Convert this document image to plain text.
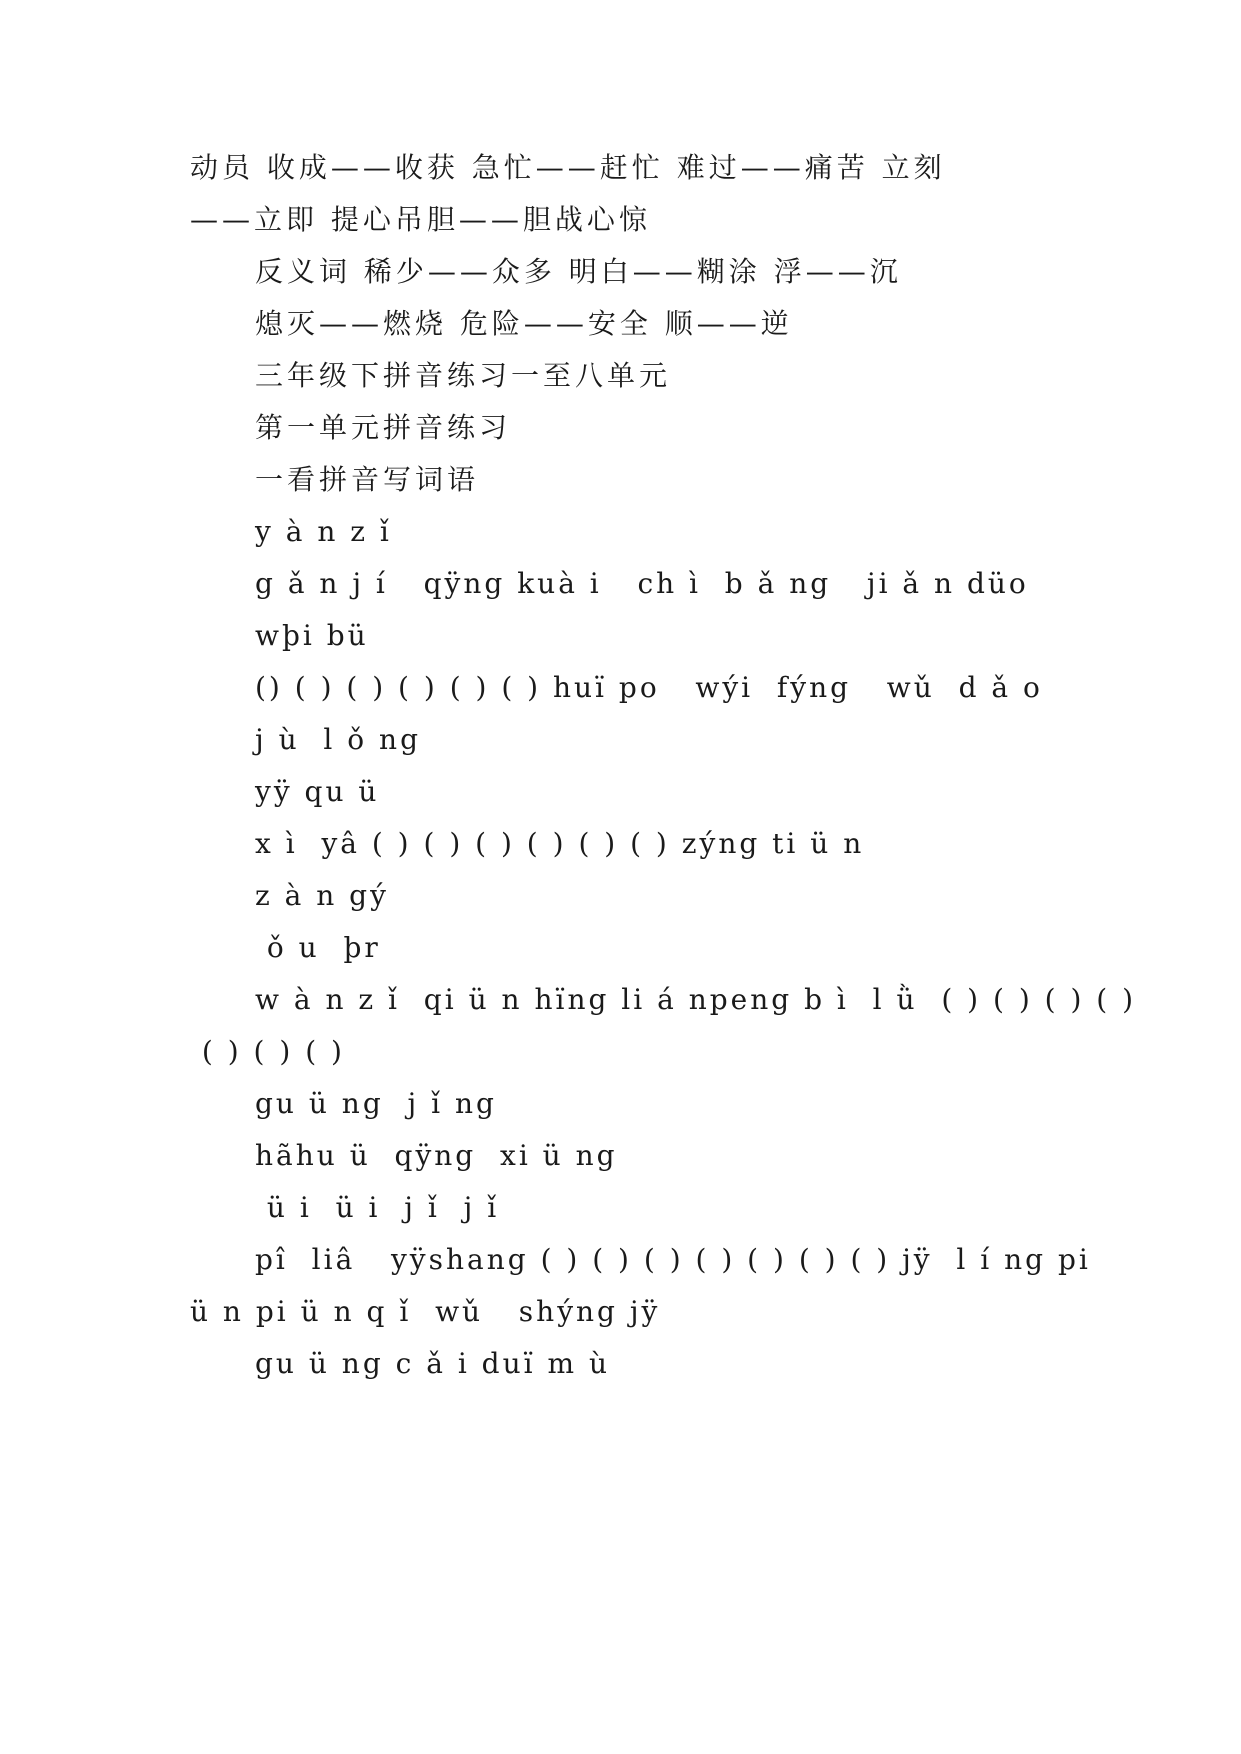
动员 收成——收获 急忙——赶忙 难过——痛苦 立刻
——立即 提心吊胆——胆战心惊
反义词 稀少——众多 明白——糊涂 浮——沉
熄灭——燃烧 危险——安全 顺——逆
三年级下拼音练习一至八单元
第一单元拼音练习
一看拼音写词语
y à n z ǐ
g ǎ n j í   qÿng kuà i   ch ì  b ǎ ng   ji ǎ n düo
wþi bü
() ( ) ( ) ( ) ( ) ( ) huï po   wýi  fýng   wǔ  d ǎ o
j ù  l ǒ ng
yÿ qu ü
x ì  yâ ( ) ( ) ( ) ( ) ( ) ( ) zýng ti ü n
z à n gý
ǒ u  þr
w à n z ǐ  qi ü n hïng li á npeng b ì  l ǜ  ( ) ( ) ( ) ( )
( ) ( ) ( )
gu ü ng  j ǐ ng
hãhu ü  qÿng  xi ü ng
ü i  ü i  j ǐ  j ǐ
pî  liâ   yÿshang ( ) ( ) ( ) ( ) ( ) ( ) ( ) jÿ  l í ng pi
ü n pi ü n q ǐ  wǔ   shýng jÿ
gu ü ng c ǎ i duï m ù
